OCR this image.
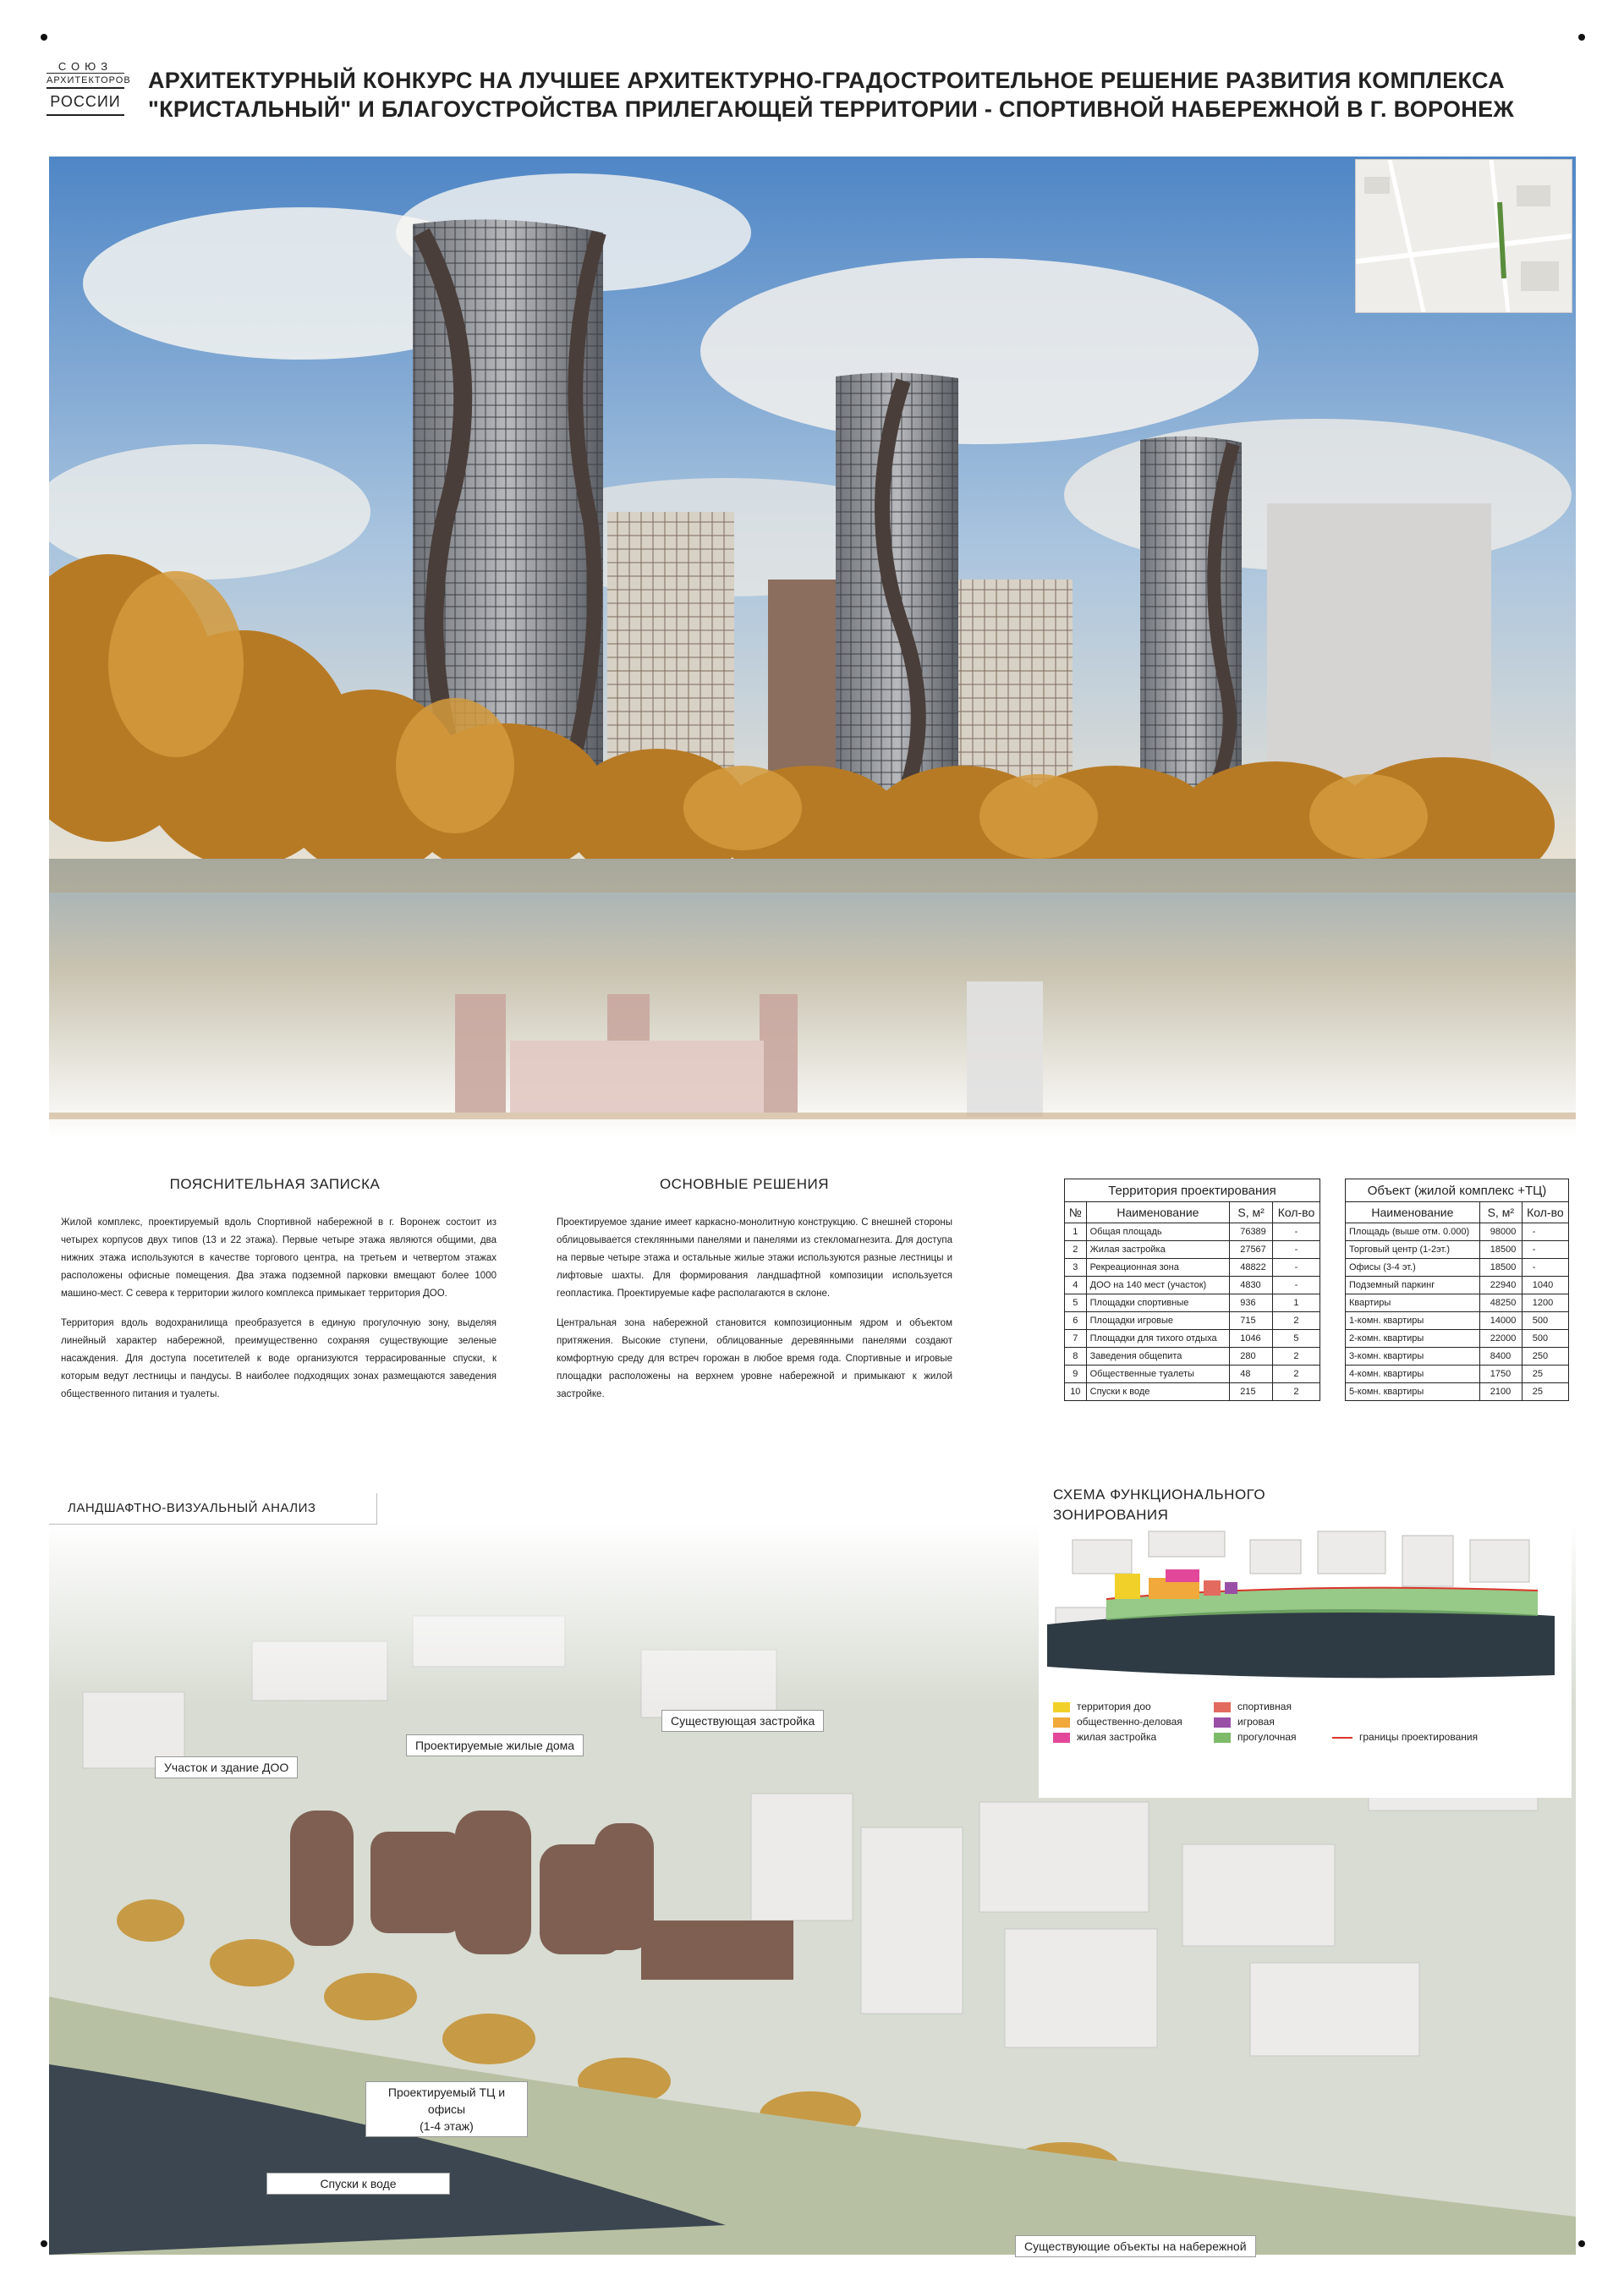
СОЮЗ
АРХИТЕКТОРОВ
РОССИИ
АРХИТЕКТУРНЫЙ КОНКУРС НА ЛУЧШЕЕ АРХИТЕКТУРНО-ГРАДОСТРОИТЕЛЬНОЕ РЕШЕНИЕ РАЗВИТИЯ КОМПЛЕКСА
"КРИСТАЛЬНЫЙ" И БЛАГОУСТРОЙСТВА ПРИЛЕГАЮЩЕЙ ТЕРРИТОРИИ - СПОРТИВНОЙ НАБЕРЕЖНОЙ В Г. ВОРОНЕЖ
ПОЯСНИТЕЛЬНАЯ ЗАПИСКА

Жилой комплекс, проектируемый вдоль Спортивной набережной в г. Воронеж состоит из четырех корпусов двух типов (13 и 22 этажа). Первые четыре этажа являются общими, два нижних этажа используются в качестве торгового центра, на третьем и четвертом этажах расположены офисные помещения. Два этажа подземной парковки вмещают более 1000 машино-мест. С севера к территории жилого комплекса примыкает территория ДОО.

Территория вдоль водохранилища преобразуется в единую прогулочную зону, выделяя линейный характер набережной, преимущественно сохраняя существующие зеленые насаждения. Для доступа посетителей к воде организуются террасированные спуски, к которым ведут лестницы и пандусы. В наиболее подходящих зонах размещаются заведения общественного питания и туалеты.

ОСНОВНЫЕ РЕШЕНИЯ

Проектируемое здание имеет каркасно-монолитную конструкцию. С внешней стороны облицовывается стеклянными панелями и панелями из стекломагнезита. Для доступа на первые четыре этажа и остальные жилые этажи используются разные лестницы и лифтовые шахты. Для формирования ландшафтной композиции используется геопластика. Проектируемые кафе располагаются в склоне.

Центральная зона набережной становится композиционным ядром и объектом притяжения. Высокие ступени, облицованные деревянными панелями создают комфортную среду для встреч горожан в любое время года. Спортивные и игровые площадки расположены на верхнем уровне набережной и примыкают к жилой застройке.

Территория проектирования			
№	Наименование	S, м²	Кол-во
1	Общая площадь	76389	-
2	Жилая застройка	27567	-
3	Рекреационная зона	48822	-
4	ДОО на 140 мест (участок)	4830	-
5	Площадки спортивные	936	1
6	Площадки игровые	715	2
7	Площадки для тихого отдыха	1046	5
8	Заведения общепита	280	2
9	Общественные туалеты	48	2
10	Спуски к воде	215	2
Объект (жилой комплекс +ТЦ)		
Наименование	S, м²	Кол-во
Площадь (выше отм. 0.000)	98000	-
Торговый центр (1-2эт.)	18500	-
Офисы (3-4 эт.)	18500	-
Подземный паркинг	22940	1040
Квартиры	48250	1200
1-комн. квартиры	14000	500
2-комн. квартиры	22000	500
3-комн. квартиры	8400	250
4-комн. квартиры	1750	25
5-комн. квартиры	2100	25
ЛАНДШАФТНО-ВИЗУАЛЬНЫЙ АНАЛИЗ
Участок и здание ДОО
Проектируемые жилые дома
Существующая застройка
Проектируемый ТЦ и офисы
(1-4 этаж)
Спуски к воде
Существующие объекты на набережной
СХЕМА ФУНКЦИОНАЛЬНОГО
ЗОНИРОВАНИЯ
территория доо
общественно-деловая
жилая застройка
спортивная
игровая
прогулочная	границы проектирования
